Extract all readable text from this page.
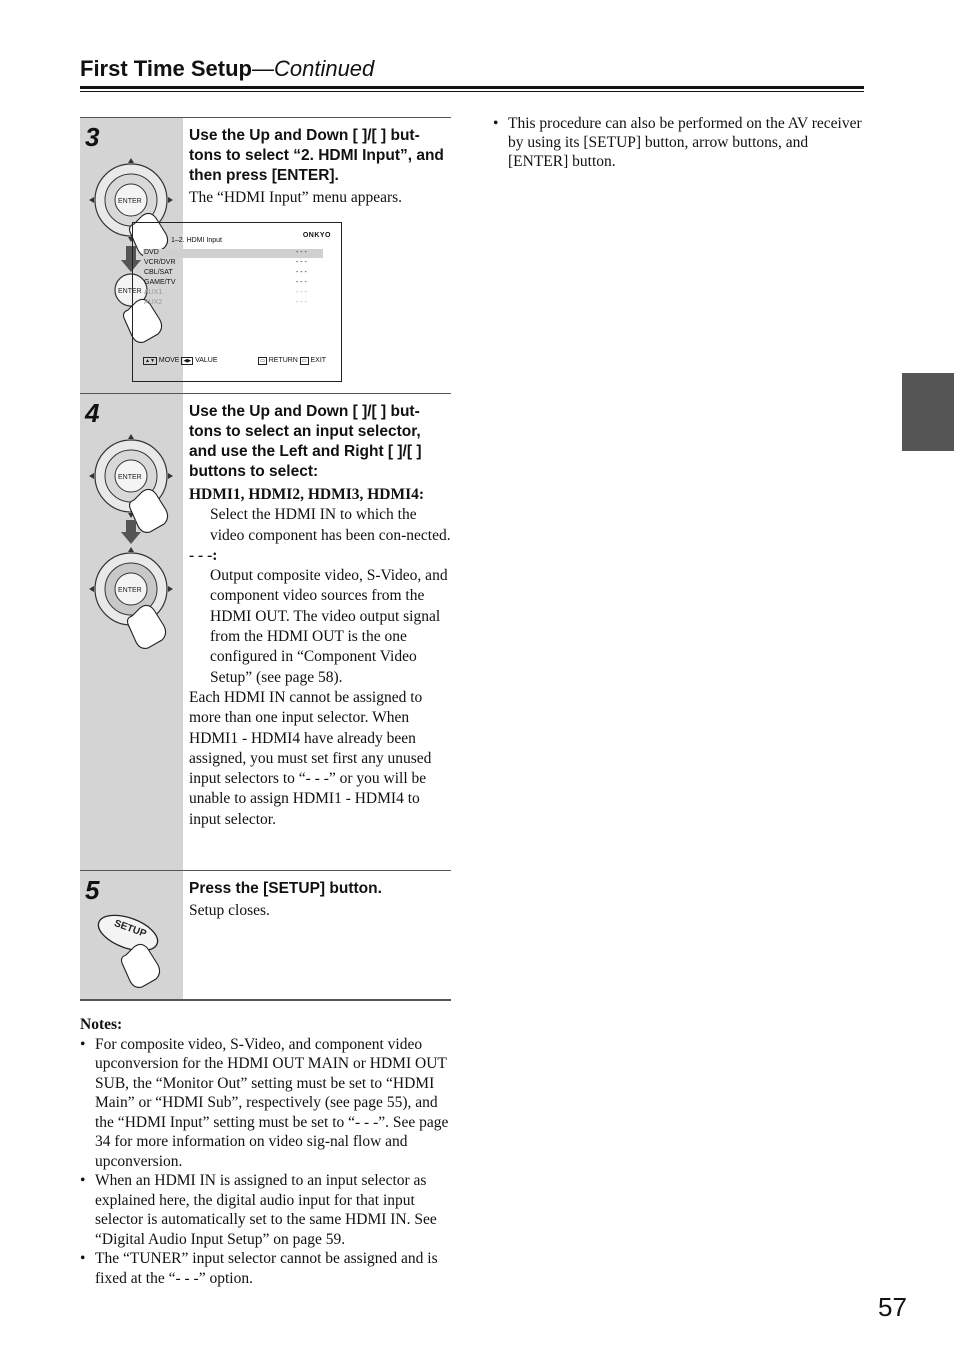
First Time Setup—Continued
3	Use the Up and Down [ ]/[ ] but-tons to select “2. HDMI Input”, and then press [ENTER].
The “HDMI Input” menu appears.
ENTER
ENTER
1–2. HDMI Input
ONKYO
DVD	- - -
VCR/DVR	- - -
CBL/SAT	- - -
GAME/TV	- - -
AUX1	- - -
AUX2	- - -
▲▼ MOVE ◀▶ VALUE	▭ RETURN ▭ EXIT
4	Use the Up and Down [ ]/[ ] but-tons to select an input selector, and use the Left and Right [ ]/[ ] buttons to select:
HDMI1, HDMI2, HDMI3, HDMI4:
Select the HDMI IN to which the video component has been con-nected.
- - -:
Output composite video, S-Video, and component video sources from the HDMI OUT. The video output signal from the HDMI OUT is the one configured in “Component Video Setup” (see page 58).
Each HDMI IN cannot be assigned to more than one input selector. When HDMI1 - HDMI4 have already been assigned, you must set first any unused input selectors to “- - -” or you will be unable to assign HDMI1 - HDMI4 to input selector.
ENTER
ENTER
5	Press the [SETUP] button.
Setup closes.
SETUP
Notes:
• For composite video, S-Video, and component video upconversion for the HDMI OUT MAIN or HDMI OUT SUB, the “Monitor Out” setting must be set to “HDMI Main” or “HDMI Sub”, respectively (see page 55), and the “HDMI Input” setting must be set to “- - -”. See page 34 for more information on video sig-nal flow and upconversion.
• When an HDMI IN is assigned to an input selector as explained here, the digital audio input for that input selector is automatically set to the same HDMI IN. See “Digital Audio Input Setup” on page 59.
• The “TUNER” input selector cannot be assigned and is fixed at the “- - -” option.
• This procedure can also be performed on the AV receiver by using its [SETUP] button, arrow buttons, and [ENTER] button.
57
